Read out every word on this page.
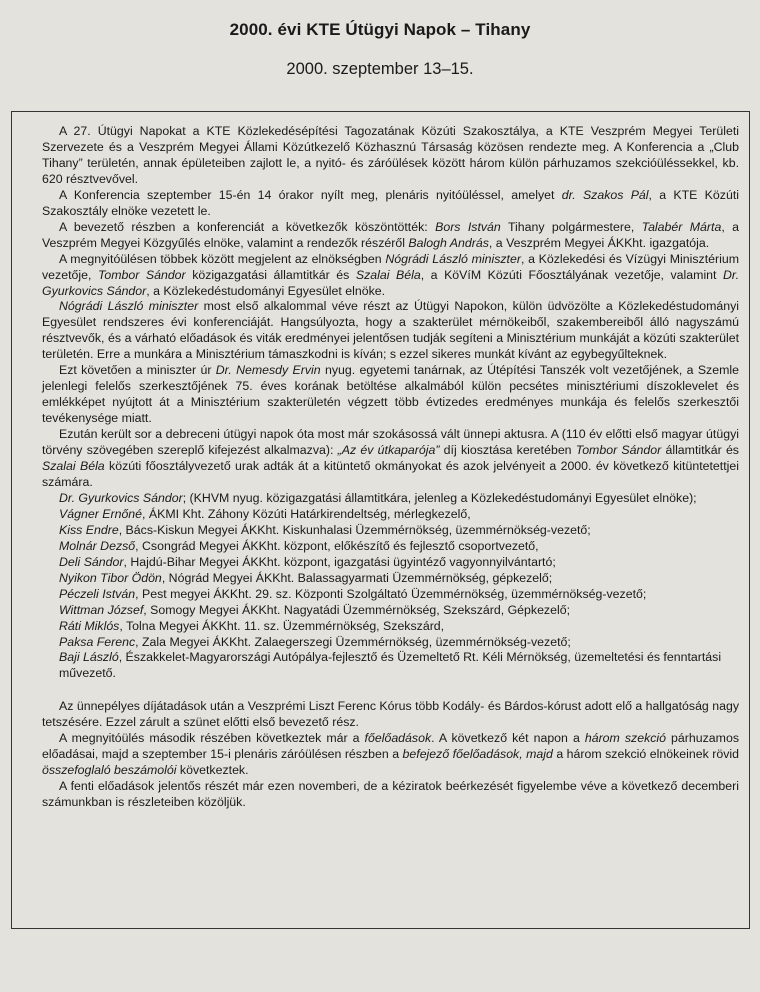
2000. évi KTE Útügyi Napok – Tihany
2000. szeptember 13–15.

A 27. Útügyi Napokat a KTE Közlekedésépítési Tagozatának Közúti Szakosztálya, a KTE Veszprém Megyei Területi Szervezete és a Veszprém Megyei Állami Közútkezelő Közhasznú Társaság közösen rendezte meg. A Konferencia a „Club Tihany” területén, annak épületeiben zajlott le, a nyitó- és záróülések között három külön párhuzamos szekcióüléssekkel, kb. 620 résztvevővel.

A Konferencia szeptember 15-én 14 órakor nyílt meg, plenáris nyitóüléssel, amelyet dr. Szakos Pál, a KTE Közúti Szakosztály elnöke vezetett le.

A bevezető részben a konferenciát a következők köszöntötték: Bors István Tihany polgármestere, Talabér Márta, a Veszprém Megyei Közgyűlés elnöke, valamint a rendezők részéről Balogh András, a Veszprém Megyei ÁKKht. igazgatója.

A megnyitóülésen többek között megjelent az elnökségben Nógrádi László miniszter, a Közlekedési és Vízügyi Minisztérium vezetője, Tombor Sándor közigazgatási államtitkár és Szalai Béla, a KöVíM Közúti Főosztályának vezetője, valamint Dr. Gyurkovics Sándor, a Közlekedéstudományi Egyesület elnöke.

Nógrádi László miniszter most első alkalommal véve részt az Útügyi Napokon, külön üdvözölte a Közlekedéstudományi Egyesület rendszeres évi konferenciáját. Hangsúlyozta, hogy a szakterület mérnökeiből, szakembereiből álló nagyszámú résztvevők, és a várható előadások és viták eredményei jelentősen tudják segíteni a Minisztérium munkáját a közúti szakterület területén. Erre a munkára a Minisztérium támaszkodni is kíván; s ezzel sikeres munkát kívánt az egybegyűlteknek.

Ezt követően a miniszter úr Dr. Nemesdy Ervin nyug. egyetemi tanárnak, az Útépítési Tanszék volt vezetőjének, a Szemle jelenlegi felelős szerkesztőjének 75. éves korának betöltése alkalmából külön pecsétes minisztériumi díszoklevelet és emlékképet nyújtott át a Minisztérium szakterületén végzett több évtizedes eredményes munkája és felelős szerkesztői tevékenysége miatt.

Ezután került sor a debreceni útügyi napok óta most már szokásossá vált ünnepi aktusra. A (110 év előtti első magyar útügyi törvény szövegében szereplő kifejezést alkalmazva): „Az év útkaparója” díj kiosztása keretében Tombor Sándor államtitkár és Szalai Béla közúti főosztályvezető urak adták át a kitüntető okmányokat és azok jelvényeit a 2000. év következő kitüntetettjei számára.

Dr. Gyurkovics Sándor; (KHVM nyug. közigazgatási államtitkára, jelenleg a Közlekedéstudományi Egyesület elnöke);

Vágner Ernőné, ÁKMI Kht. Záhony Közúti Határkirendeltség, mérlegkezelő,

Kiss Endre, Bács-Kiskun Megyei ÁKKht. Kiskunhalasi Üzemmérnökség, üzemmérnökség-vezető;

Molnár Dezső, Csongrád Megyei ÁKKht. központ, előkészítő és fejlesztő csoportvezető,

Deli Sándor, Hajdú-Bihar Megyei ÁKKht. központ, igazgatási ügyintéző vagyonnyilvántartó;

Nyikon Tibor Ödön, Nógrád Megyei ÁKKht. Balassagyarmati Üzemmérnökség, gépkezelő;

Péczeli István, Pest megyei ÁKKht. 29. sz. Központi Szolgáltató Üzemmérnökség, üzemmérnökség-vezető;

Wittman József, Somogy Megyei ÁKKht. Nagyatádi Üzemmérnökség, Szekszárd, Gépkezelő;

Ráti Miklós, Tolna Megyei ÁKKht. 11. sz. Üzemmérnökség, Szekszárd,

Paksa Ferenc, Zala Megyei ÁKKht. Zalaegerszegi Üzemmérnökség, üzemmérnökség-vezető;

Baji László, Északkelet-Magyarországi Autópálya-fejlesztő és Üzemeltető Rt. Kéli Mérnökség, üzemeltetési és fenntartási művezető.

Az ünnepélyes díjátadások után a Veszprémi Liszt Ferenc Kórus több Kodály- és Bárdos-kórust adott elő a hallgatóság nagy tetszésére. Ezzel zárult a szünet előtti első bevezető rész.

A megnyitóülés második részében következtek már a főelőadások. A következő két napon a három szekció párhuzamos előadásai, majd a szeptember 15-i plenáris záróülésen részben a befejező főelőadások, majd a három szekció elnökeinek rövid összefoglaló beszámolói következtek.

A fenti előadások jelentős részét már ezen novemberi, de a kéziratok beérkezését figyelembe véve a következő decemberi számunkban is részleteiben közöljük.
